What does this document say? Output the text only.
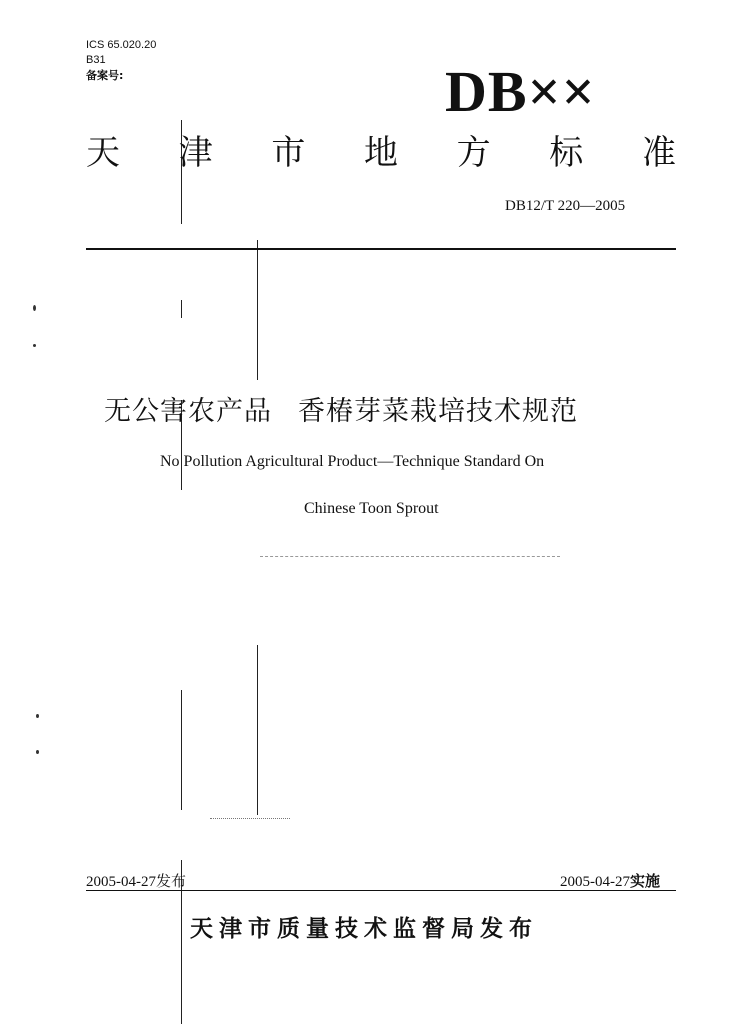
ICS 65.020.20
B31
备案号:	DB××
天 津 市 地 方 标 准
DB12/T 220—2005
无公害农产品 香椿芽菜栽培技术规范
No Pollution Agricultural Product—Technique Standard On
Chinese Toon Sprout
2005-04-27发布	2005-04-27实施
天津市质量技术监督局发布
